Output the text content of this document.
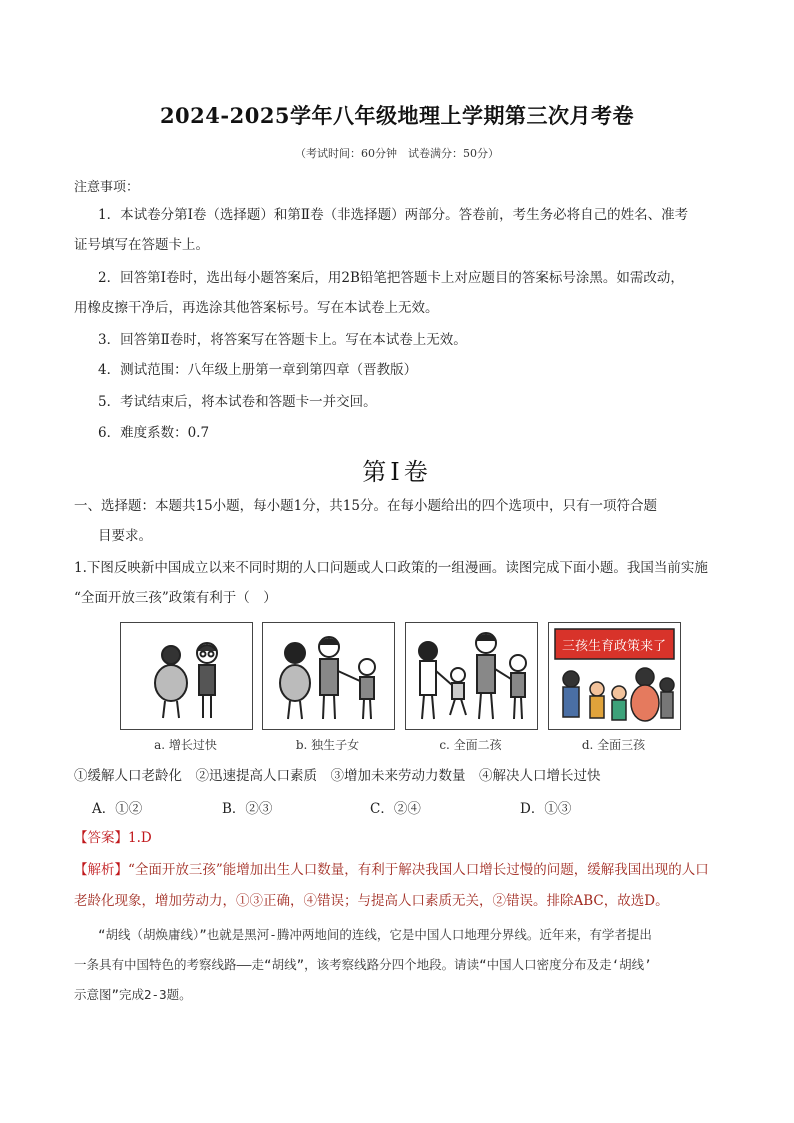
2024-2025学年八年级地理上学期第三次月考卷
（考试时间：60分钟　试卷满分：50分）
注意事项：
1．本试卷分第Ⅰ卷（选择题）和第Ⅱ卷（非选择题）两部分。答卷前，考生务必将自己的姓名、准考
证号填写在答题卡上。
2．回答第Ⅰ卷时，选出每小题答案后，用2B铅笔把答题卡上对应题目的答案标号涂黑。如需改动，
用橡皮擦干净后，再选涂其他答案标号。写在本试卷上无效。
3．回答第Ⅱ卷时，将答案写在答题卡上。写在本试卷上无效。
4．测试范围：八年级上册第一章到第四章（晋教版）
5．考试结束后，将本试卷和答题卡一并交回。
6．难度系数：0.7
第Ⅰ卷
一、选择题：本题共15小题，每小题1分，共15分。在每小题给出的四个选项中，只有一项符合题
目要求。
1.下图反映新中国成立以来不同时期的人口问题或人口政策的一组漫画。读图完成下面小题。我国当前实施
“全面开放三孩”政策有利于（　）
三孩生育政策来了
a. 增长过快	b. 独生子女	c. 全面二孩	d. 全面三孩
①缓解人口老龄化　②迅速提高人口素质　③增加未来劳动力数量　④解决人口增长过快
A．①②	B．②③	C．②④	D．①③
【答案】1.D
【解析】“全面开放三孩”能增加出生人口数量，有利于解决我国人口增长过慢的问题，缓解我国出现的人口
老龄化现象，增加劳动力，①③正确，④错误；与提高人口素质无关，②错误。排除ABC，故选D。
“胡线（胡焕庸线）”也就是黑河-腾冲两地间的连线，它是中国人口地理分界线。近年来，有学者提出
一条具有中国特色的考察线路——走“胡线”，该考察线路分四个地段。请读“中国人口密度分布及走‘胡线’
示意图”完成2-3题。
